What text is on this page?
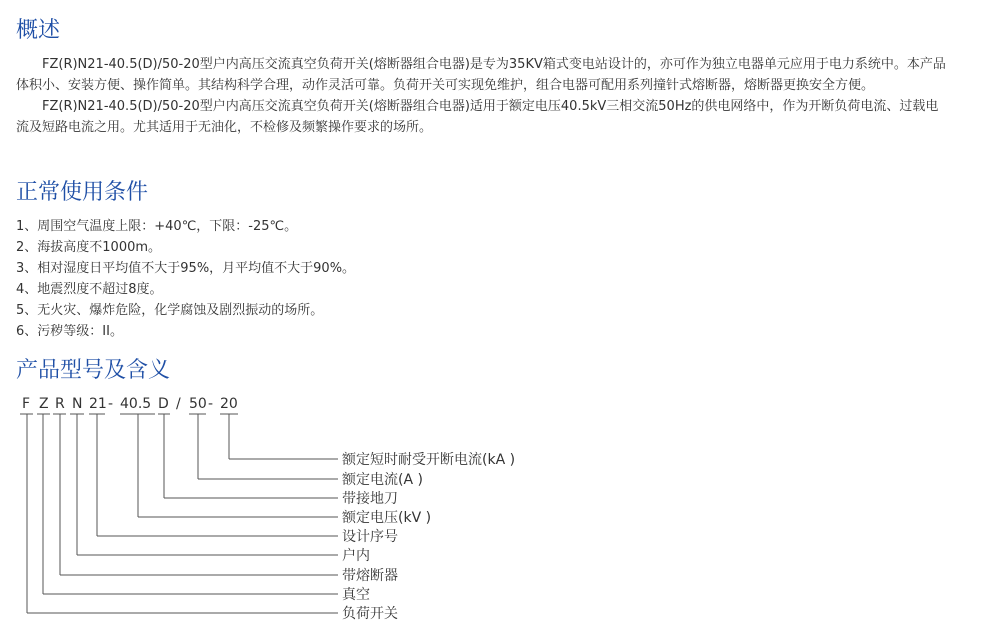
概述

FZ(R)N21-40.5(D)/50-20型户内高压交流真空负荷开关(熔断器组合电器)是专为35KV箱式变电站设计的，亦可作为独立电器单元应用于电力系统中。本产品体积小、安装方便、操作简单。其结构科学合理，动作灵活可靠。负荷开关可实现免维护，组合电器可配用系列撞针式熔断器，熔断器更换安全方便。

FZ(R)N21-40.5(D)/50-20型户内高压交流真空负荷开关(熔断器组合电器)适用于额定电压40.5kV三相交流50Hz的供电网络中，作为开断负荷电流、过载电流及短路电流之用。尤其适用于无油化，不检修及频繁操作要求的场所。

正常使用条件
1、周围空气温度上限：+40℃，下限：-25℃。
2、海拔高度不1000m。
3、相对湿度日平均值不大于95%，月平均值不大于90%。
4、地震烈度不超过8度。
5、无火灾、爆炸危险，化学腐蚀及剧烈振动的场所。
6、污秽等级：II。
产品型号及含义
F Z R N 21 - 40.5 D / 50 - 20
额定短时耐受开断电流(kA )
额定电流(A )
带接地刀
额定电压(kV )
设计序号
户内
带熔断器
真空
负荷开关
